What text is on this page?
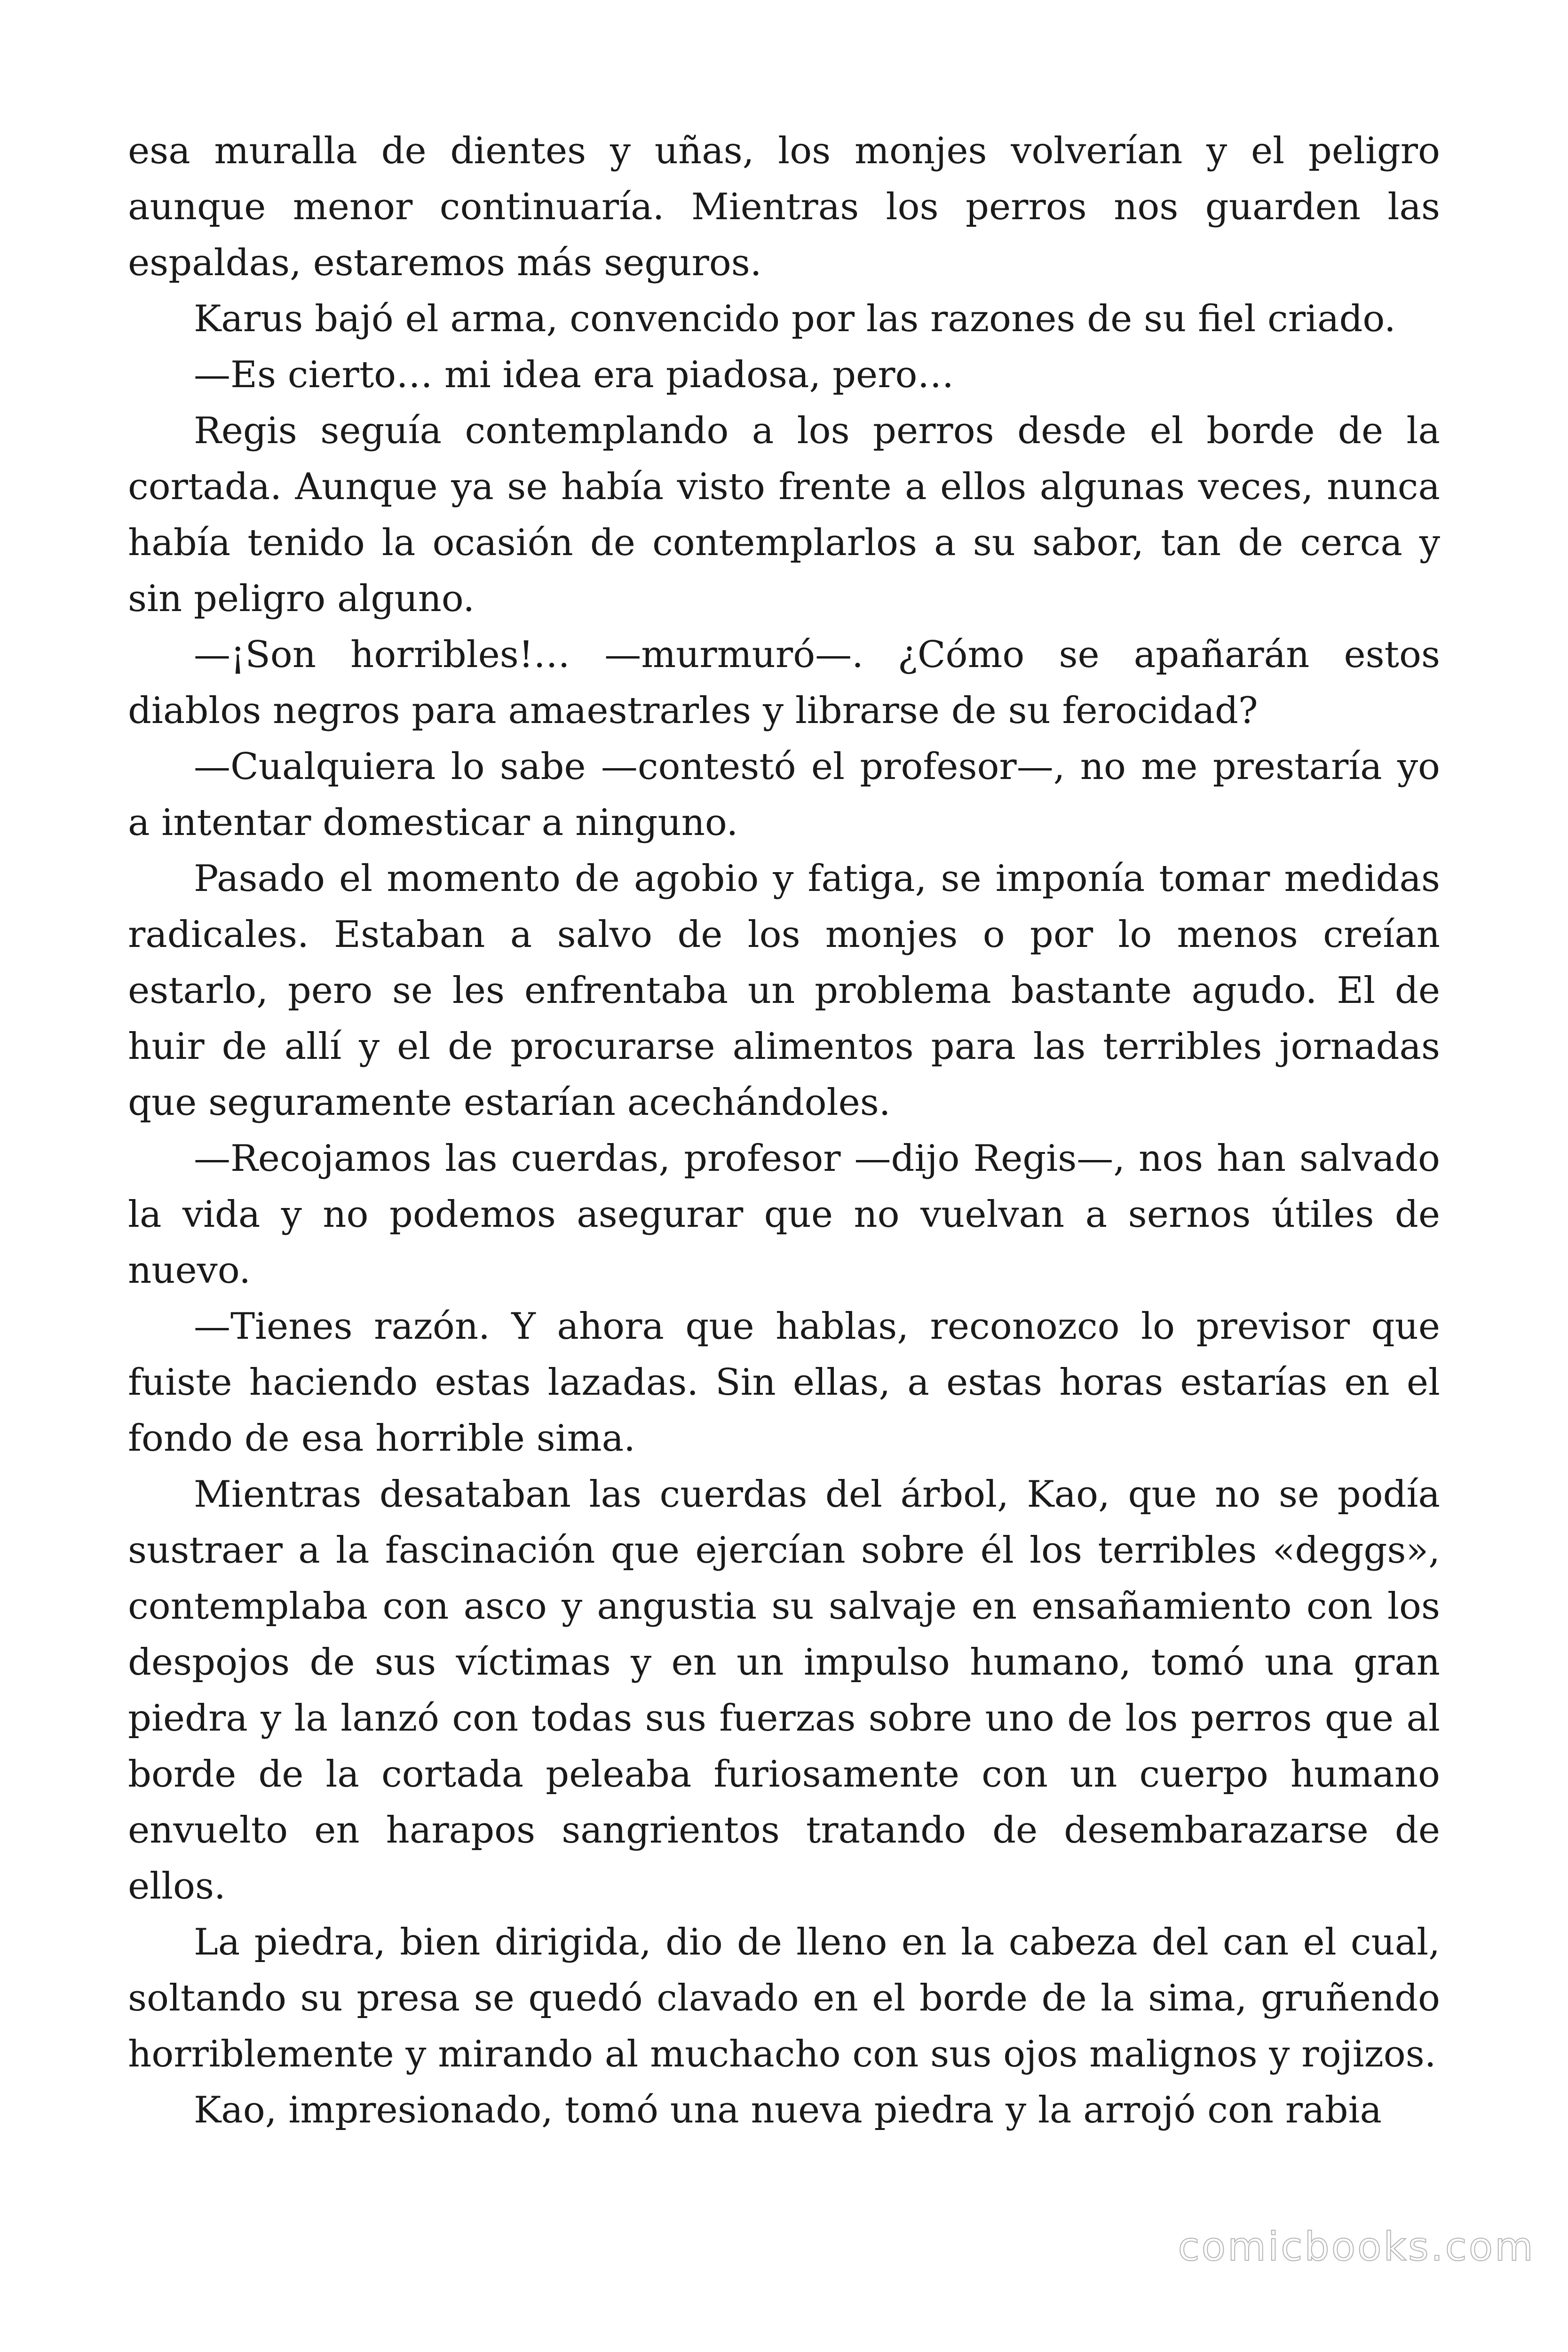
esa muralla de dientes y uñas, los monjes volverían y el peligro aunque menor continuaría. Mientras los perros nos guarden las espaldas, estaremos más seguros.

Karus bajó el arma, convencido por las razones de su fiel criado.

—Es cierto… mi idea era piadosa, pero…

Regis seguía contemplando a los perros desde el borde de la cortada. Aunque ya se había visto frente a ellos algunas veces, nunca había tenido la ocasión de contemplarlos a su sabor, tan de cerca y sin peligro alguno.

—¡Son horribles!… —murmuró—. ¿Cómo se apañarán estos diablos negros para amaestrarles y librarse de su ferocidad?

—Cualquiera lo sabe —contestó el profesor—, no me prestaría yo a intentar domesticar a ninguno.

Pasado el momento de agobio y fatiga, se imponía tomar medidas radicales. Estaban a salvo de los monjes o por lo menos creían estarlo, pero se les enfrentaba un problema bastante agudo. El de huir de allí y el de procurarse alimentos para las terribles jornadas que seguramente estarían acechándoles.

—Recojamos las cuerdas, profesor —dijo Regis—, nos han salvado la vida y no podemos asegurar que no vuelvan a sernos útiles de nuevo.

—Tienes razón. Y ahora que hablas, reconozco lo previsor que fuiste haciendo estas lazadas. Sin ellas, a estas horas estarías en el fondo de esa horrible sima.

Mientras desataban las cuerdas del árbol, Kao, que no se podía sustraer a la fascinación que ejercían sobre él los terribles «deggs», contemplaba con asco y angustia su salvaje en ensañamiento con los despojos de sus víctimas y en un impulso humano, tomó una gran piedra y la lanzó con todas sus fuerzas sobre uno de los perros que al borde de la cortada peleaba furiosamente con un cuerpo humano envuelto en harapos sangrientos tratando de desembarazarse de ellos.

La piedra, bien dirigida, dio de lleno en la cabeza del can el cual, soltando su presa se quedó clavado en el borde de la sima, gruñendo horriblemente y mirando al muchacho con sus ojos malignos y rojizos.

Kao, impresionado, tomó una nueva piedra y la arrojó con rabia

comicbooks.com
